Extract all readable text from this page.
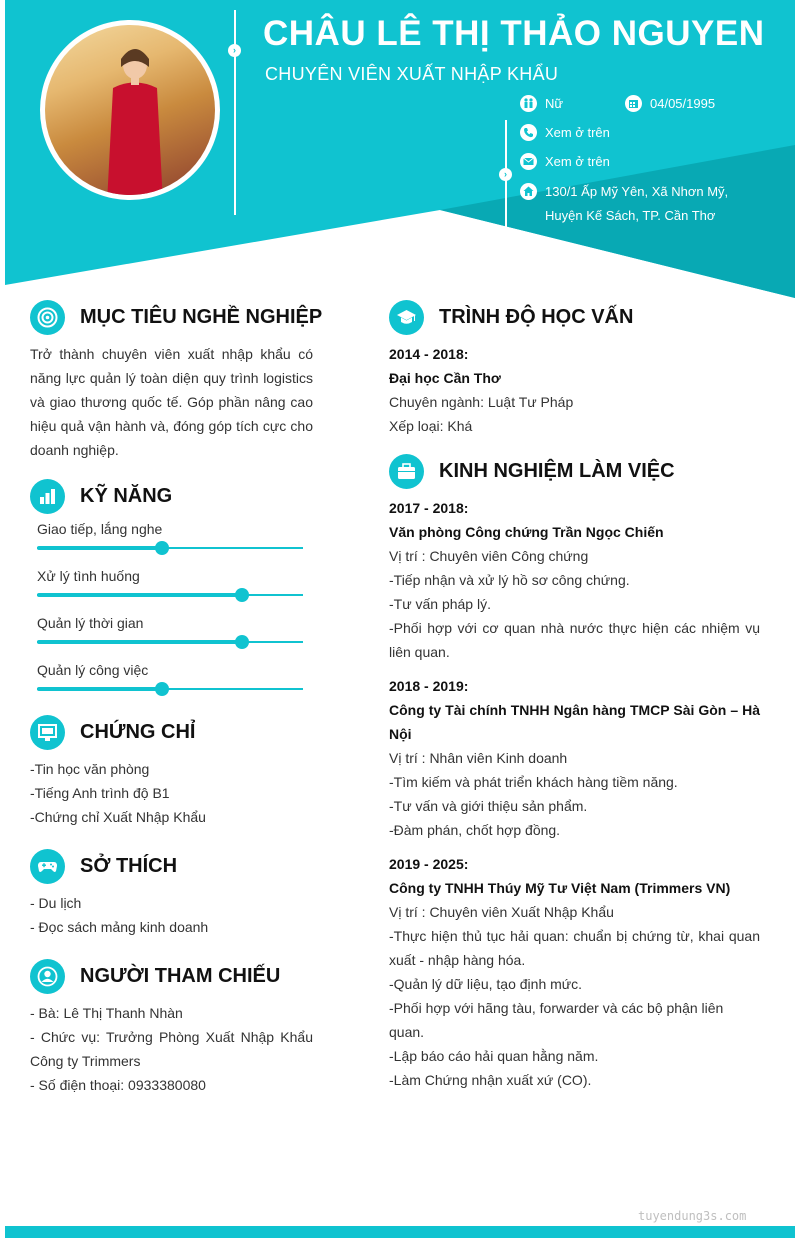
›
›
CHÂU LÊ THỊ THẢO NGUYEN
CHUYÊN VIÊN XUẤT NHẬP KHẨU
Nữ	04/05/1995
Xem ở trên
Xem ở trên
130/1 Ấp Mỹ Yên, Xã Nhơn Mỹ, Huyện Kế Sách, TP. Cần Thơ
MỤC TIÊU NGHỀ NGHIỆP
Trở thành chuyên viên xuất nhập khẩu có năng lực quản lý toàn diện quy trình logistics và giao thương quốc tế. Góp phần nâng cao hiệu quả vận hành và, đóng góp tích cực cho doanh nghiệp.
KỸ NĂNG
Giao tiếp, lắng nghe
Xử lý tình huống
Quản lý thời gian
Quản lý công việc
CHỨNG CHỈ
-Tin học văn phòng
-Tiếng Anh trình độ B1
-Chứng chỉ Xuất Nhập Khẩu
SỞ THÍCH
- Du lịch
- Đọc sách mảng kinh doanh
NGƯỜI THAM CHIẾU
- Bà: Lê Thị Thanh Nhàn
- Chức vụ: Trưởng Phòng Xuất Nhập Khẩu Công ty Trimmers
- Số điện thoại: 0933380080
TRÌNH ĐỘ HỌC VẤN
2014 - 2018:
Đại học Cần Thơ
Chuyên ngành: Luật Tư Pháp
Xếp loại: Khá
KINH NGHIỆM LÀM VIỆC
2017 - 2018:
Văn phòng Công chứng Trần Ngọc Chiến
Vị trí : Chuyên viên Công chứng
-Tiếp nhận và xử lý hồ sơ công chứng.
-Tư vấn pháp lý.
-Phối hợp với cơ quan nhà nước thực hiện các nhiệm vụ liên quan.
2018 - 2019:
Công ty Tài chính TNHH Ngân hàng TMCP Sài Gòn – Hà Nội
Vị trí : Nhân viên Kinh doanh
-Tìm kiếm và phát triển khách hàng tiềm năng.
-Tư vấn và giới thiệu sản phẩm.
-Đàm phán, chốt hợp đồng.
2019 - 2025:
Công ty TNHH Thúy Mỹ Tư Việt Nam (Trimmers VN)
Vị trí : Chuyên viên Xuất Nhập Khẩu
-Thực hiện thủ tục hải quan: chuẩn bị chứng từ, khai quan xuất - nhập hàng hóa.
-Quản lý dữ liệu, tạo định mức.
-Phối hợp với hãng tàu, forwarder và các bộ phận liên quan.
-Lập báo cáo hải quan hằng năm.
-Làm Chứng nhận xuất xứ (CO).
tuyendung3s.com
